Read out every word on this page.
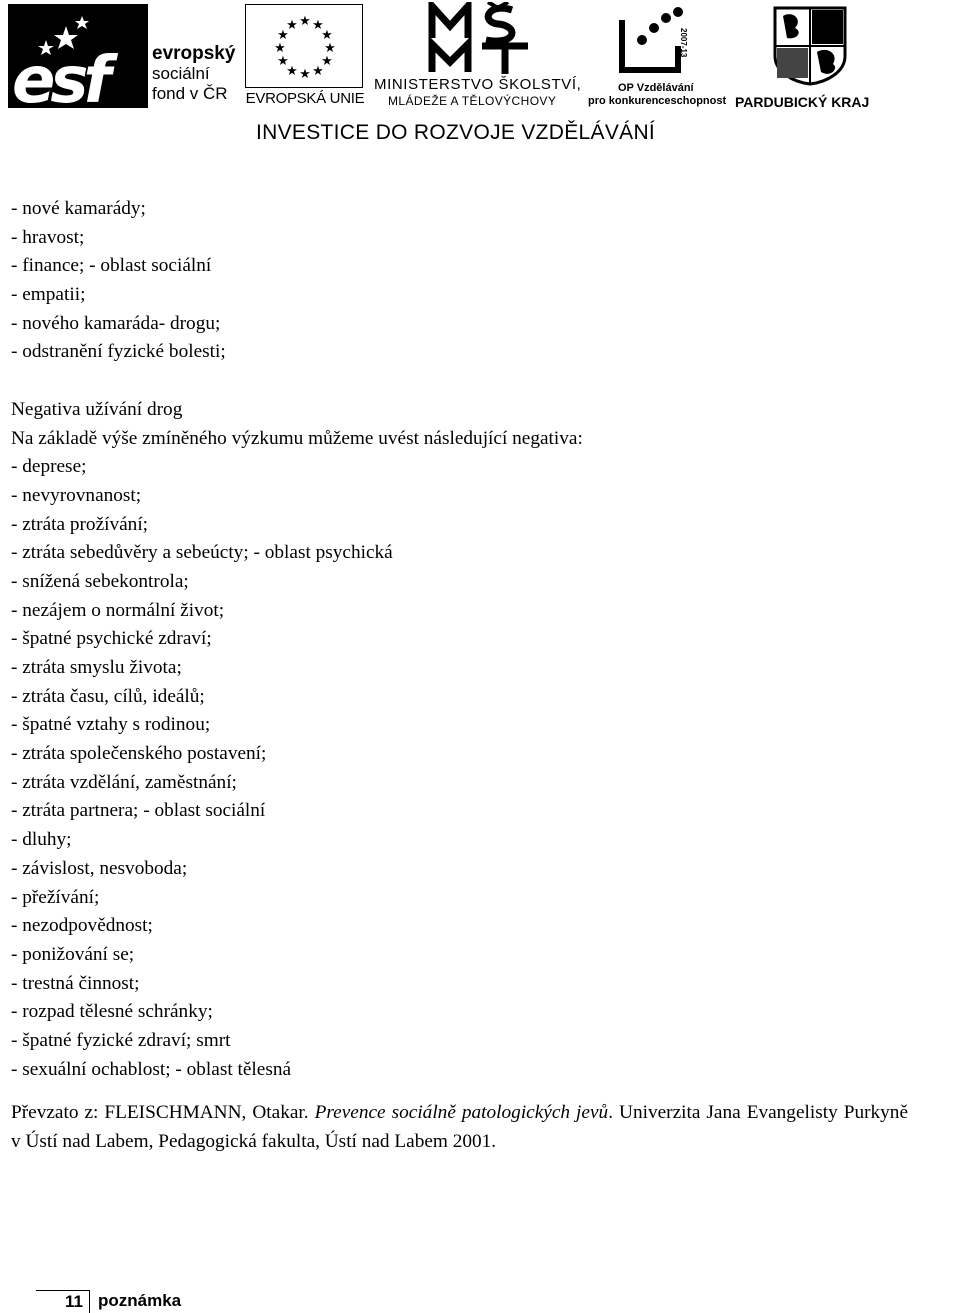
esf	evropský
sociální
fond v ČR
★ ★
★
★
★
★
★
★
★
★
★
★
EVROPSKÁ UNIE
MINISTERSTVO ŠKOLSTVÍ,
MLÁDEŽE A TĚLOVÝCHOVY
2007-13
OP Vzdělávání
pro konkurenceschopnost PARDUBICKÝ KRAJ
INVESTICE DO ROZVOJE VZDĚLÁVÁNÍ
- nové kamarády;
- hravost;
- finance; - oblast sociální
- empatii;
- nového kamaráda- drogu;
- odstranění fyzické bolesti;
Negativa užívání drog
Na základě výše zmíněného výzkumu můžeme uvést následující negativa:
- deprese;
- nevyrovnanost;
- ztráta prožívání;
- ztráta sebedůvěry a sebeúcty; - oblast psychická
- snížená sebekontrola;
- nezájem o normální život;
- špatné psychické zdraví;
- ztráta smyslu života;
- ztráta času, cílů, ideálů;
- špatné vztahy s rodinou;
- ztráta společenského postavení;
- ztráta vzdělání, zaměstnání;
- ztráta partnera; - oblast sociální
- dluhy;
- závislost, nesvoboda;
- přežívání;
- nezodpovědnost;
- ponižování se;
- trestná činnost;
- rozpad tělesné schránky;
- špatné fyzické zdraví; smrt
- sexuální ochablost; - oblast tělesná
Převzato z: FLEISCHMANN, Otakar. Prevence sociálně patologických jevů. Univerzita Jana Evangelisty Purkyně v Ústí nad Labem, Pedagogická fakulta, Ústí nad Labem 2001.
11 poznámka
